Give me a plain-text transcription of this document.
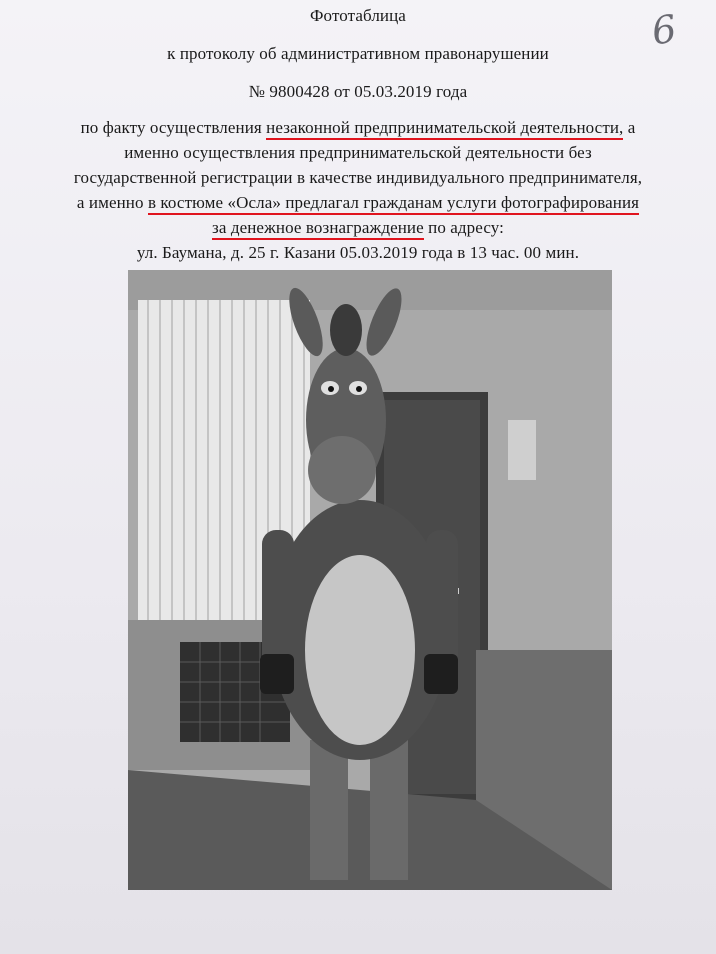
6
Фототаблица
к протоколу об административном правонарушении
№ 9800428 от 05.03.2019 года
по факту осуществления незаконной предпринимательской деятельности, а
именно осуществления предпринимательской деятельности без
государственной регистрации в качестве индивидуального предпринимателя,
а именно в костюме «Осла» предлагал гражданам услуги фотографирования
за денежное вознаграждение по адресу:
ул. Баумана, д. 25 г. Казани 05.03.2019 года в 13 час. 00 мин.
